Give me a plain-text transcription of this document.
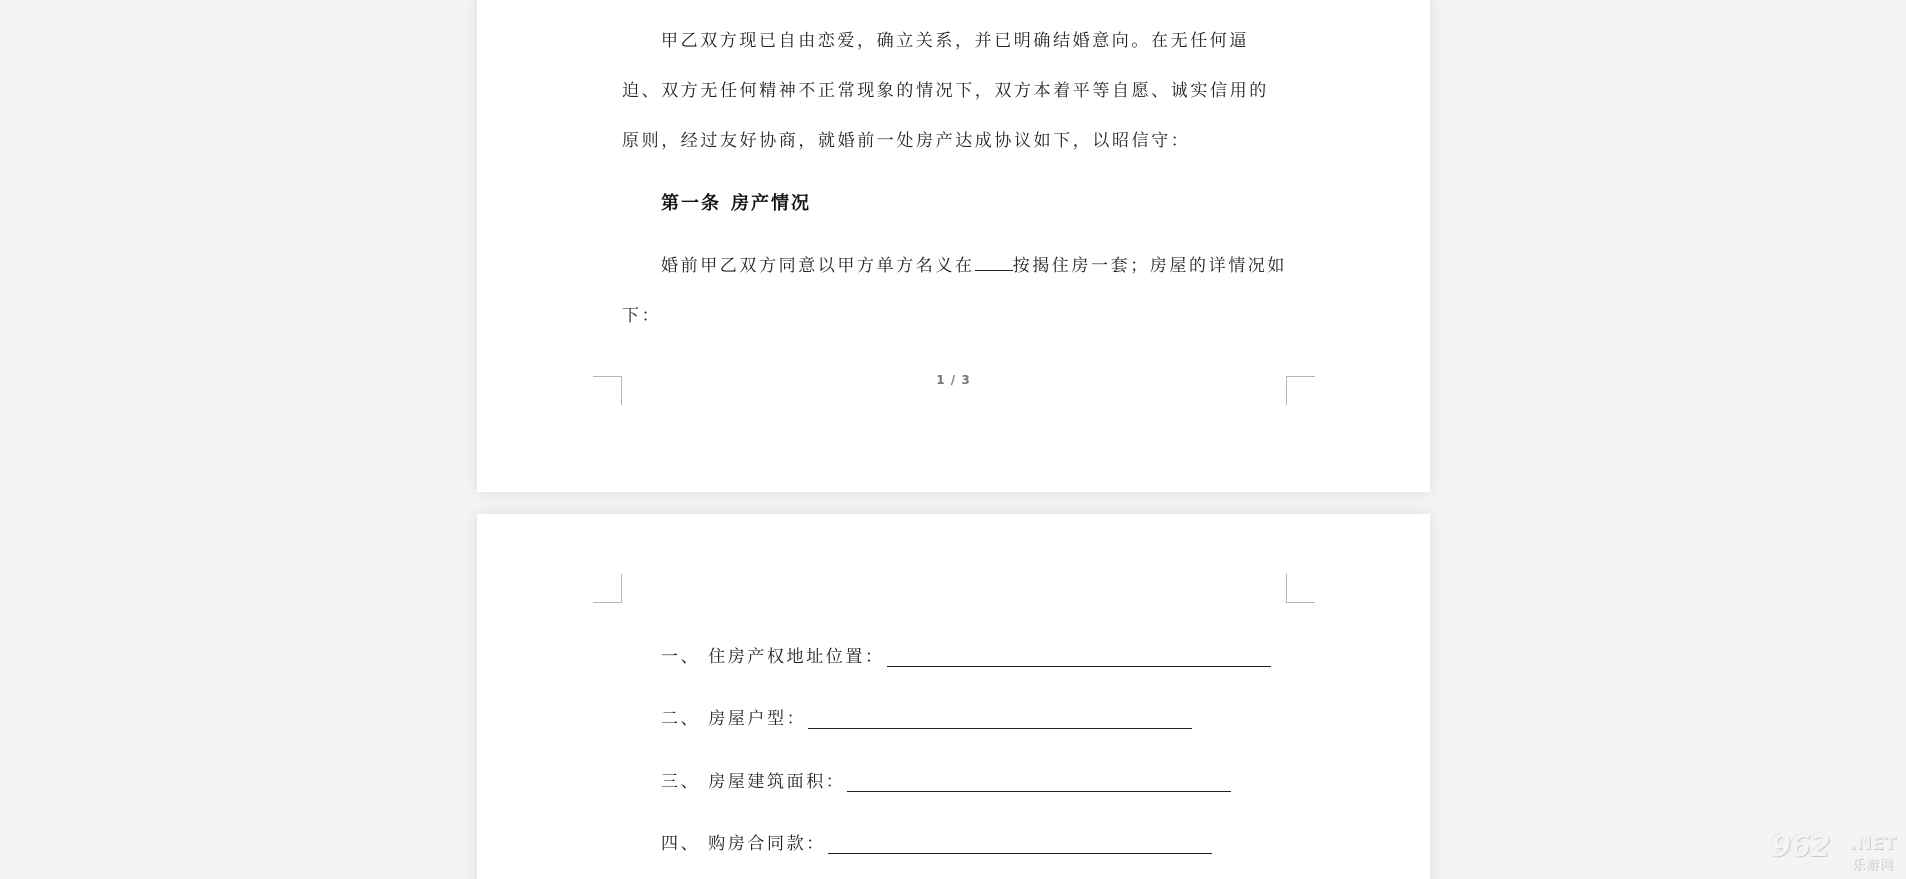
甲乙双方现已自由恋爱，确立关系，并已明确结婚意向。在无任何逼迫、双方无任何精神不正常现象的情况下，双方本着平等自愿、诚实信用的原则，经过友好协商，就婚前一处房产达成协议如下，以昭信守：

第一条 房产情况

婚前甲乙双方同意以甲方单方名义在 按揭住房一套；房屋的详情况如下：

1 / 3
一、 住房产权地址位置：
二、 房屋户型：
三、 房屋建筑面积：
四、 购房合同款：	962 .NET
乐游网
